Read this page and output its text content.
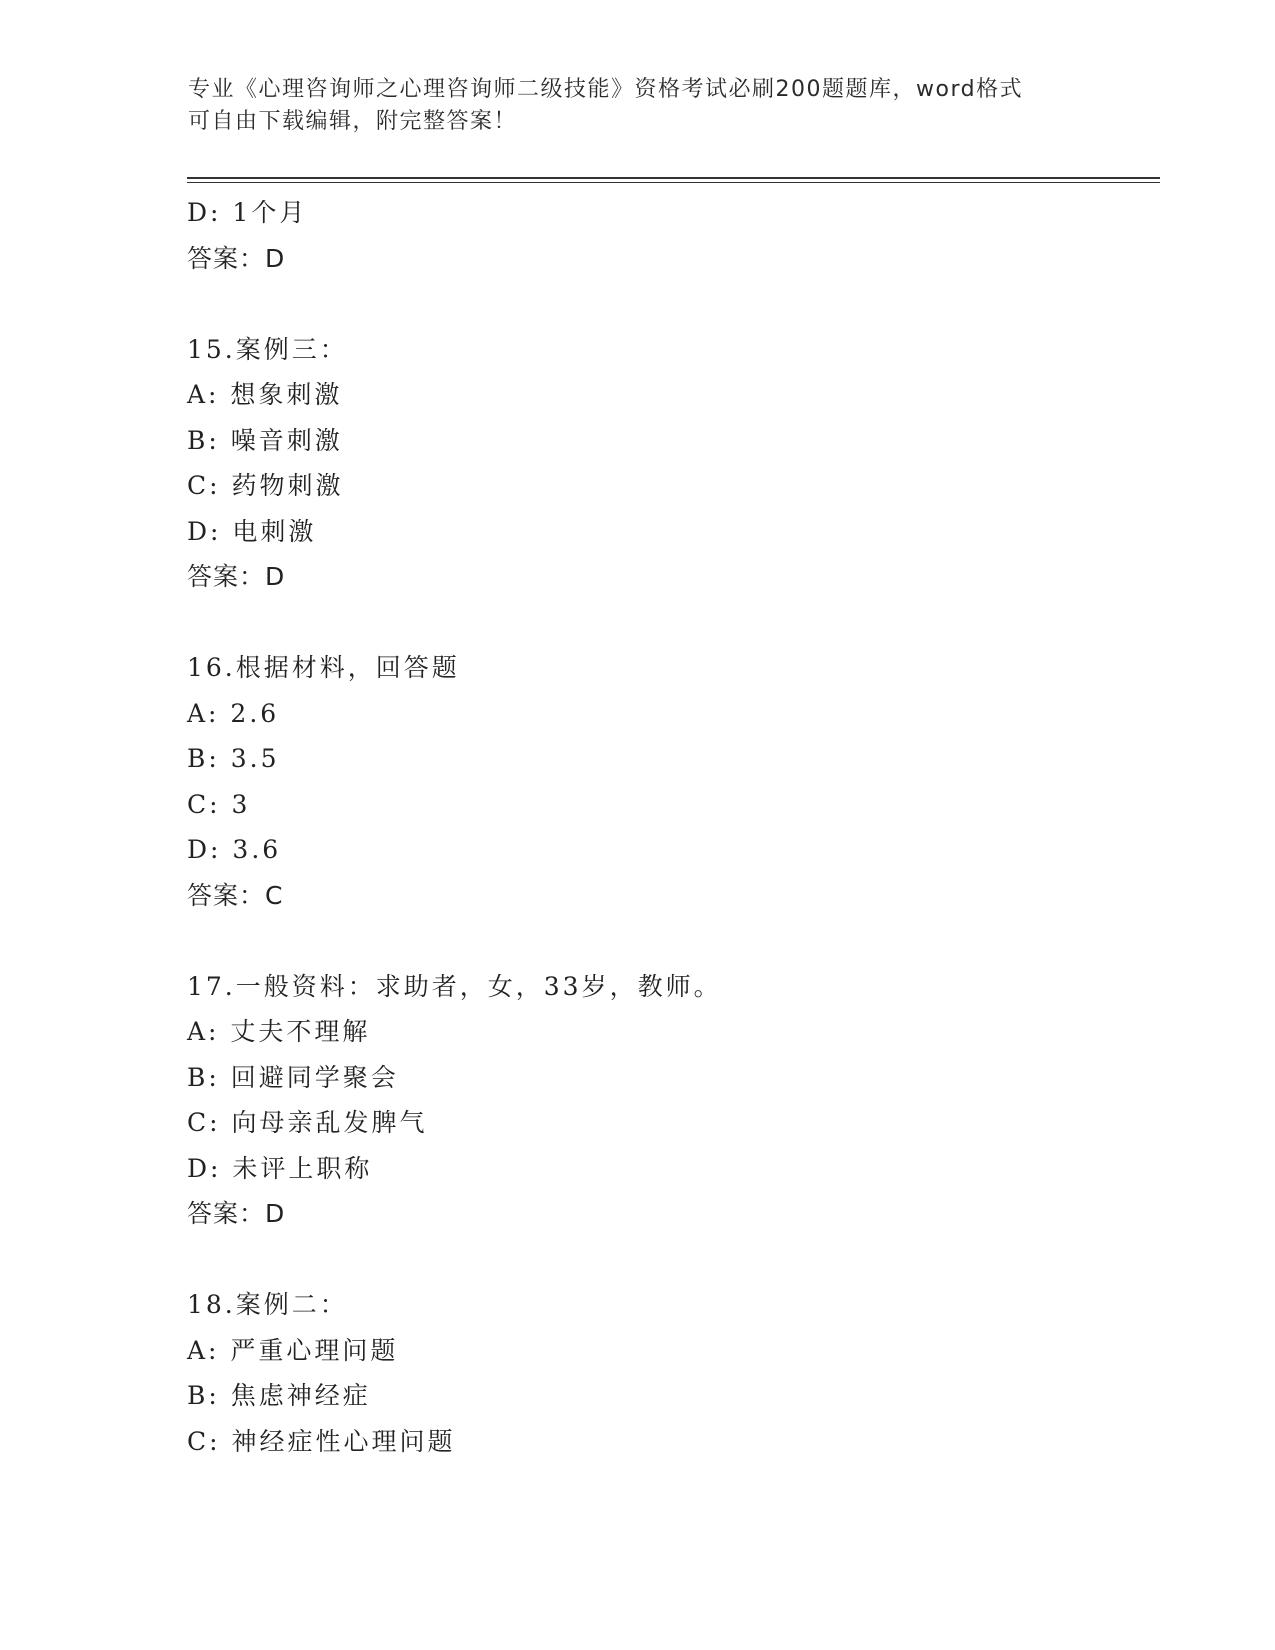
专业《心理咨询师之心理咨询师二级技能》资格考试必刷200题题库，word格式
可自由下载编辑，附完整答案！
D: 1个月
答案：D
15.案例三：
A: 想象刺激
B: 噪音刺激
C: 药物刺激
D: 电刺激
答案：D
16.根据材料，回答题
A: 2.6
B: 3.5
C: 3
D: 3.6
答案：C
17.一般资料：求助者，女，33岁，教师。
A: 丈夫不理解
B: 回避同学聚会
C: 向母亲乱发脾气
D: 未评上职称
答案：D
18.案例二：
A: 严重心理问题
B: 焦虑神经症
C: 神经症性心理问题
